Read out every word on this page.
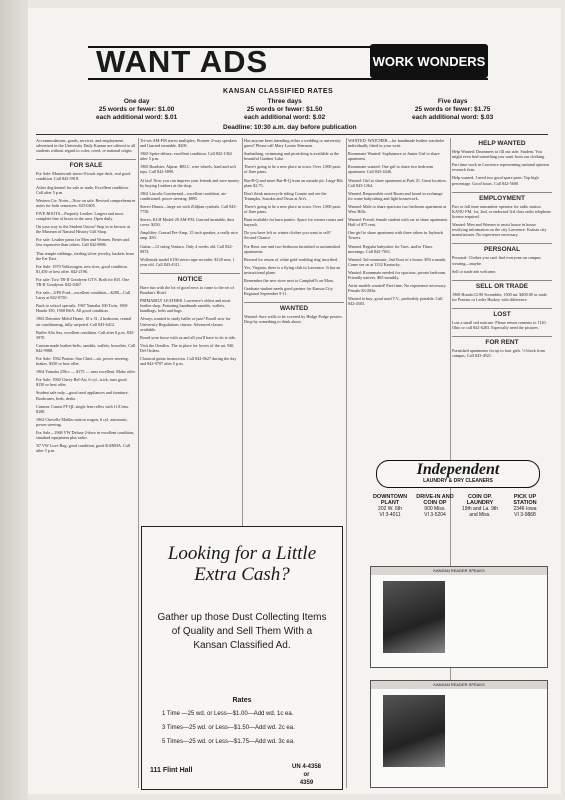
WANT ADS	WORK WONDERS
KANSAN CLASSIFIED RATES
One day
25 words or fewer: $1.00
each additional word: $.01
Three days
25 words or fewer: $1.50
each additional word: $.02
Five days
25 words or fewer: $1.75
each additional word: $.03
Deadline: 10:30 a.m. day before publication

Accommodations, goods, services, and employment advertised in the University Daily Kansan are offered to all students without regard to color, creed, or national origin.

FOR SALE

For Sale: Mastercraft stereo 8-track tape deck, real good condition. Call 843-5918.

Asher dog kennel for sale or trade. Excellent condition. Call after 5 p.m.

Western Civ. Notes—Now on sale. Revised comprehensive notes for both semesters. 843-0405.

FIVE BOOTS—Properly Leather. Largest and most complete line of boots in the area. Open daily.

On your way to the Student Union? Stop in to browse at the Museum of Natural History Gift Shop.

For sale: Leather pants for Men and Women. Better and less expensive than others. Call 842-8806.

That temple rubbings, sterling silver jewelry, baskets from the Far East.

For Sale: 1970 Volkswagen, new tires, good condition. $1,450 or best offer. 842-2196.

For sale: Two TR-II Goodyear GT'S. Both for $35. One TR-II Goodyear. 842-0467.

For sale—UPS Ford—excellent condition—$280—Call Larry at 842-0750.

Back to school specials: 1967 Yamaha 100 Twin, 1969 Honda 350, 1968 BSA. All good condition.

1963 Detroiter Mobil Home, 10 x 51, 2 bedroom, central air conditioning, fully carpeted. Call 843-6412.

Buffet Alto Sax, excellent condition. Call after 6 p.m. 843-3970.

Custom made leather-belts, sandals, wallets, bracelets. Call 842-9988.

For Sale: 1962 Pontiac Star Chief—air, power steering, brakes. $350 or best offer.

1964 Yamaha 250cc — $175 — runs excellent. Make offer.

For Sale: 1960 Chevy Bel-Air, 6 cyl., stick, runs good. $150 or best offer.

Student sale only—good used appliances and furniture. Bookcases, beds, desks.

Camera: Canon FT-QL single lens reflex with f1.8 lens. $180.

1962 Chevelle Malibu station wagon, 6 cyl, automatic, power steering.

For Sale—1968 VW Deluxe 2-door in excellent condition, standard equipment plus radio.

'67 VW Love Bug, good condition, good KARMA. Call after 5 p.m.

Tri-wit AM-FM stereo multiplex. Pioneer 4-way speakers and Garrard turntable. $200.

1965 Sprite deluxe, excellent condition. Call 842-1362 after 5 p.m.

1965 Roadster, Alpine, R8LC, wire wheels, hard and soft tops. Call 842-5890.

At last! Now you can impress your friends and save money by buying Leathers at the shop.

1962 Lincoln Continental—excellent condition, air-conditioned, power steering. $895.

Stereo Drums—large set with Zildjian cymbals. Call 843-7758.

Stereo, KLH Model-20 AM-FM, Garrard turntable, dust cover. $250.

Amplifier, Conrad Pre-Amp, 15 inch speaker, a really nice amp. $50.

Guitar—12 string Ventura. Only 4 weeks old. Call 842-9874.

Wollensak model 6150 stereo tape recorder. $120 new, 1 year old. Call 843-4311.

NOTICE

Have fun with the lot of good rows to come to the set of Boudan's Hotel.

PRIMARILY LEATHER. Lawrence's oldest and most leather shop. Featuring handmade sandals, wallets, handbags, belts and bags.

Always wanted to study ballet or jazz? Enroll now for University Regulations classes. Advanced classes available.

Board your horse with us and all you'll have to do is ride.

Visit the Ormflos. The in place for lovers of the art. 946 Del Ordem.

Classical guitar instruction. Call 842-0627 during the day and 842-9707 after 5 p.m.

Has anyone been intending either a wedding or university guest? Please call Mary Louise Sherman.

Sunbathing, swimming and picnicking is available at the beautiful Gardner Lake.

There's going to be a new place in town. Over 1,000 pairs of flare pants.

Bar-B-Q and more Bar-B-Q from an outside pit. Large Rib plate $2.75.

Don't think motorcycle riding Connie and see the Triumphs, Suzukis and Ossas at Art's.

There's going to be a new place in town. Over 1,000 pairs of flare pants.

Barn available for barn parties. Space for wiener roasts and hayrack.

Do you have left or winter clothes you want to sell? Second Chance.

For Rent: one and two-bedroom furnished or unfurnished apartments.

Reward for return of white gold wedding ring inscribed.

Yes, Virginia, there is a flying club in Lawrence. It has an instructional plane.

Remember the new store next to Campbell's on Mass.

Graduate student needs good partner for Kansas City Regional September 9-11.

WANTED

Wanted: Sure walls to be covered by Hedge Podge posters. Drop by something to think about.

WANTED: WATCHER—for handmade leather wardrobe individually fitted in your wrist.

Roommate Wanted: Sophomore or Junior Girl to share apartment.

Roommate wanted: One girl to share two bedroom apartment. Call 843-4446.

Wanted: Girl to share apartment at Park 25. Great location. Call 843-1264.

Wanted: Responsible coed Room and board in exchange for some babysitting and light housework.

Wanted: Male to share spacious two bedroom apartment at West Hills.

Wanted: French female student with car to share apartment. Half of $75 rent.

One girl to share apartment with three others in Jayhawk Towers.

Wanted: Regular babysitter for Tues. and/or Thurs. mornings. Call 843-7651.

Wanted: 3rd roommate, 2nd floor of a house. $50 a month. Come see us at 1332 Kentucky.

Wanted: Roommate needed for spacious, private bedroom. Friendly natives. $65 monthly.

Artist models wanted! Part-time. No experience necessary. Female $3.00/hr.

Wanted to buy: good used T.V., preferably portable. Call 842-4503.

HELP WANTED

Help Wanted: Drummers to fill out side. Student. You might even find something you want from our clothing.

Part time work in Lawrence representing national opinion research firm.

Help wanted: I need two good spare pairs. Top high percentage. Good hours. Call 842-5600.

EMPLOYMENT

Part or full time transmitter operator for radio station KANU FM. 1st, 2nd, or endorsed 3rd class radio telephone license required.

Wanted: Men and Women to assist house in house testifying information on the city Lawrence. Kansas city manufacturer. No experience necessary.

PERSONAL

Personal: Clothes you can't find everyone on campus wearing—maybe.

Sell or trade ads welcome.

SELL OR TRADE

1969 Honda CL90 Scrambler, 1500 mi. $400.00 or trade for Pontiac or Leslie Huskey with difference.

LOST

Lost a small red suitcase. Please return contents to 1120 Ohio or call 842-6283. Especially need the pictures.

FOR RENT

Furnished apartments for up to four girls. ½ block from campus. Call 843-4921.

Looking for a Little Extra Cash?
Gather up those Dust Collecting Items of Quality and Sell Them With a Kansan Classified Ad.
Rates
1 Time —25 wd. or Less—$1.00—Add wd. 1c ea.
3 Times—25 wd. or Less—$1.50—Add wd. 2c ea.
5 Times—25 wd. or Less—$1.75—Add wd. 3c ea.
111 Flint Hall	UN 4-4358
or
4359
Independent
LAUNDRY & DRY CLEANERS
DOWNTOWN PLANT
202 W. 6th
VI 3-4011
DRIVE-IN AND COIN OP
900 Miss.
VI 3-5204
COIN OP. LAUNDRY
19th and La. 9th and Miss.
PICK UP STATION
2346 Iowa
VI 3-9868
KANSAN READER SPEAKS
KANSAN READER SPEAKS
